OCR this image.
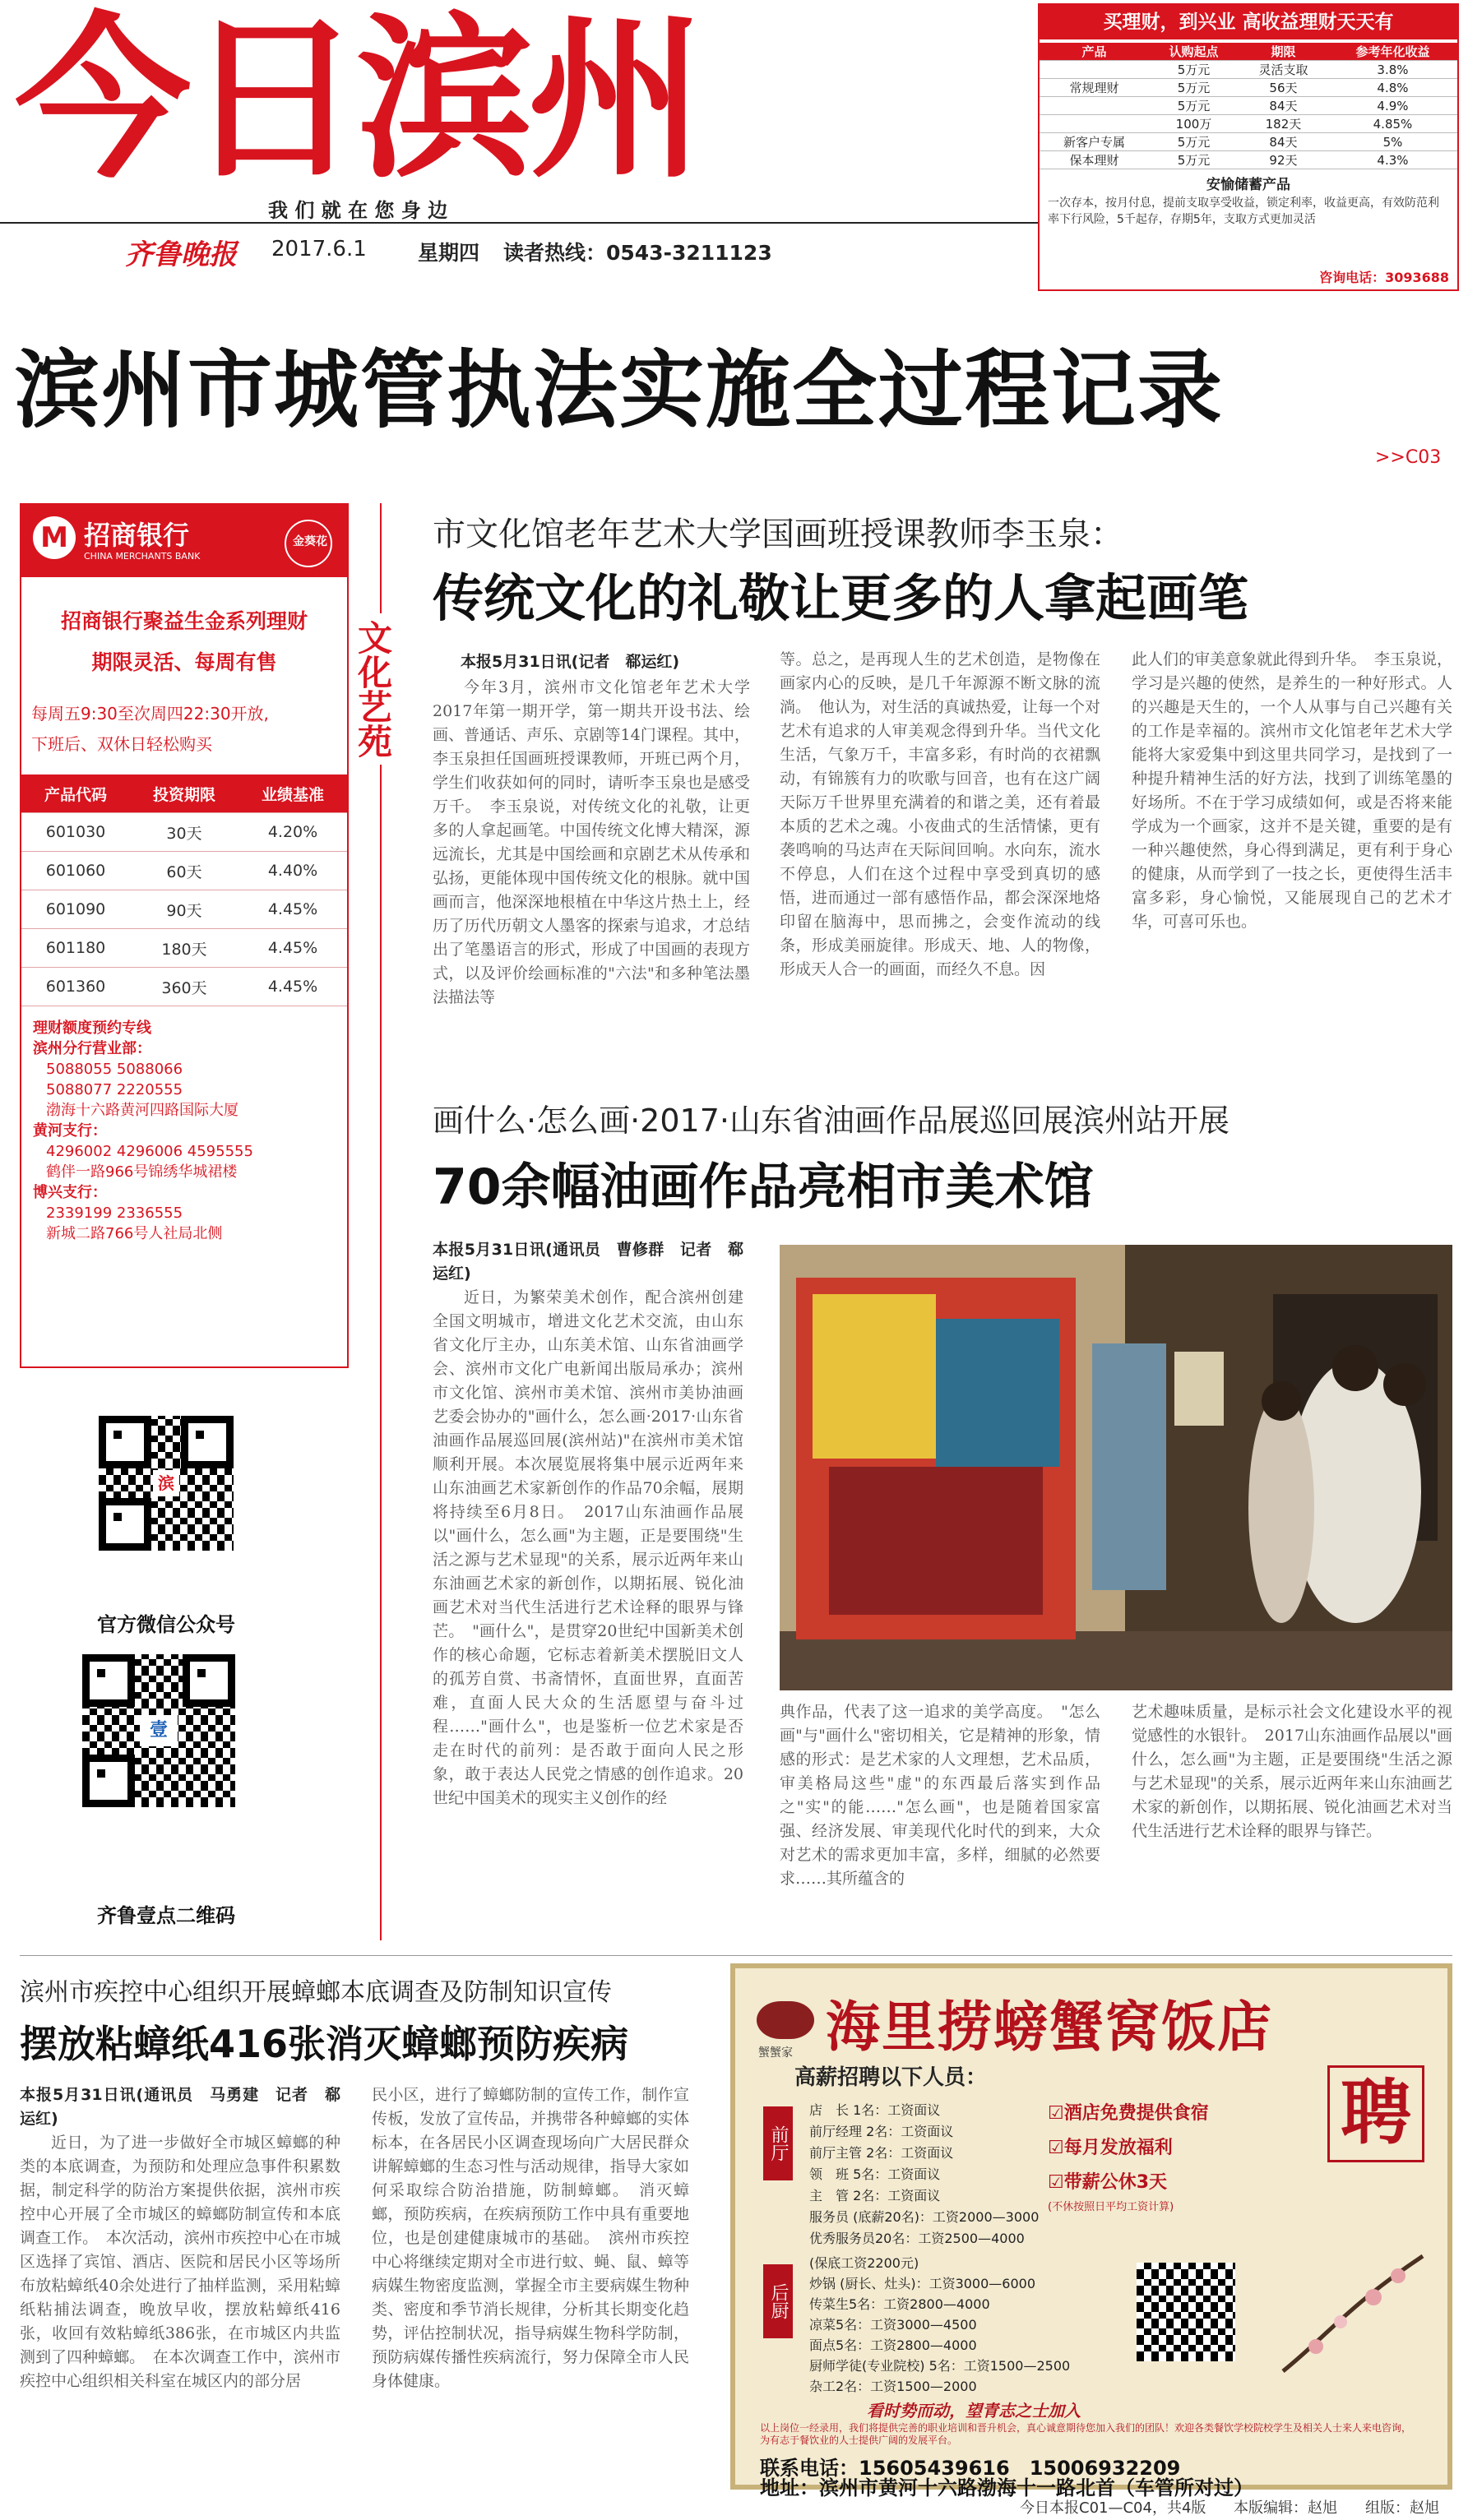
今日滨州
我 们 就 在 您 身 边
齐鲁晚报 2017.6.1 星期四 读者热线：0543-3211123
买理财，到兴业 高收益理财天天有
产品	认购起点	期限	参考年化收益
	5万元	灵活支取	3.8%
常规理财	5万元	56天	4.8%
	5万元	84天	4.9%
	100万	182天	4.85%
新客户专属	5万元	84天	5%
保本理财	5万元	92天	4.3%
安愉储蓄产品
一次存本，按月付息，提前支取享受收益，锁定利率，收益更高，有效防范利率下行风险，5千起存，存期5年，支取方式更加灵活
咨询电话：3093688
滨州市城管执法实施全过程记录
>>C03
M 招商银行
CHINA MERCHANTS BANK
金葵花
招商银行聚益生金系列理财
期限灵活、每周有售
每周五9:30至次周四22:30开放,
下班后、双休日轻松购买
产品代码	投资期限	业绩基准
601030	30天	4.20%
601060	60天	4.40%
601090	90天	4.45%
601180	180天	4.45%
601360	360天	4.45%
理财额度预约专线
滨州分行营业部：
5088055 5088066
5088077 2220555
渤海十六路黄河四路国际大厦
黄河支行：
4296002 4296006 4595555
鹤伴一路966号锦绣华城裙楼
博兴支行：
2339199 2336555
新城二路766号人社局北侧
滨
官方微信公众号
壹
齐鲁壹点二维码
文化艺苑
市文化馆老年艺术大学国画班授课教师李玉泉：
传统文化的礼敬让更多的人拿起画笔
本报5月31日讯(记者　郗运红)

今年3月，滨州市文化馆老年艺术大学2017年第一期开学，第一期共开设书法、绘画、普通话、声乐、京剧等14门课程。其中，李玉泉担任国画班授课教师，开班已两个月，学生们收获如何的同时，请听李玉泉也是感受万千。　李玉泉说，对传统文化的礼敬，让更多的人拿起画笔。中国传统文化博大精深，源远流长，尤其是中国绘画和京剧艺术从传承和弘扬，更能体现中国传统文化的根脉。就中国画而言，他深深地根植在中华这片热土上，经历了历代历朝文人墨客的探索与追求，才总结出了笔墨语言的形式，形成了中国画的表现方式，以及评价绘画标准的"六法"和多种笔法墨法描法等

等。总之，是再现人生的艺术创造，是物像在画家内心的反映，是几千年源源不断文脉的流淌。　他认为，对生活的真诚热爱，让每一个对艺术有追求的人审美观念得到升华。当代文化生活，气象万千，丰富多彩，有时尚的衣裙飘动，有锦簇有力的吹歌与回音，也有在这广阔天际万千世界里充满着的和谐之美，还有着最本质的艺术之魂。小夜曲式的生活情愫，更有袭鸣响的马达声在天际间回响。水向东，流水不停息，人们在这个过程中享受到真切的感悟，进而通过一部有感悟作品，都会深深地烙印留在脑海中，思而拂之，会变作流动的线条，形成美丽旋律。形成天、地、人的物像，形成天人合一的画面，而经久不息。因

此人们的审美意象就此得到升华。　李玉泉说，学习是兴趣的使然，是养生的一种好形式。人的兴趣是天生的，一个人从事与自己兴趣有关的工作是幸福的。滨州市文化馆老年艺术大学能将大家爱集中到这里共同学习，是找到了一种提升精神生活的好方法，找到了训练笔墨的好场所。不在于学习成绩如何，或是否将来能学成为一个画家，这并不是关键，重要的是有一种兴趣使然，身心得到满足，更有利于身心的健康，从而学到了一技之长，更使得生活丰富多彩，身心愉悦，又能展现自己的艺术才华，可喜可乐也。

画什么·怎么画·2017·山东省油画作品展巡回展滨州站开展
70余幅油画作品亮相市美术馆
本报5月31日讯(通讯员　曹修群　记者　郗运红)

近日，为繁荣美术创作，配合滨州创建全国文明城市，增进文化艺术交流，由山东省文化厅主办，山东美术馆、山东省油画学会、滨州市文化广电新闻出版局承办；滨州市文化馆、滨州市美术馆、滨州市美协油画艺委会协办的"画什么，怎么画·2017·山东省油画作品展巡回展(滨州站)"在滨州市美术馆顺利开展。本次展览展将集中展示近两年来山东油画艺术家新创作的作品70余幅，展期将持续至6月8日。　2017山东油画作品展以"画什么，怎么画"为主题，正是要围绕"生活之源与艺术显现"的关系，展示近两年来山东油画艺术家的新创作，以期拓展、锐化油画艺术对当代生活进行艺术诠释的眼界与锋芒。　"画什么"，是贯穿20世纪中国新美术创作的核心命题，它标志着新美术摆脱旧文人的孤芳自赏、书斋情怀，直面世界，直面苦难，直面人民大众的生活愿望与奋斗过程……"画什么"，也是鉴析一位艺术家是否走在时代的前列：是否敢于面向人民之形象，敢于表达人民党之情感的创作追求。20世纪中国美术的现实主义创作的经

典作品，代表了这一追求的美学高度。　"怎么画"与"画什么"密切相关，它是精神的形象，情感的形式：是艺术家的人文理想，艺术品质，审美格局这些"虚"的东西最后落实到作品之"实"的能……"怎么画"，也是随着国家富强、经济发展、审美现代化时代的到来，大众对艺术的需求更加丰富，多样，细腻的必然要求……其所蕴含的

艺术趣味质量，是标示社会文化建设水平的视觉感性的水银针。　2017山东油画作品展以"画什么，怎么画"为主题，正是要围绕"生活之源与艺术显现"的关系，展示近两年来山东油画艺术家的新创作，以期拓展、锐化油画艺术对当代生活进行艺术诠释的眼界与锋芒。

滨州市疾控中心组织开展蟑螂本底调查及防制知识宣传
摆放粘蟑纸416张消灭蟑螂预防疾病
本报5月31日讯(通讯员　马勇建　记者　郗运红)

近日，为了进一步做好全市城区蟑螂的种类的本底调查，为预防和处理应急事件积累数据，制定科学的防治方案提供依据，滨州市疾控中心开展了全市城区的蟑螂防制宣传和本底调查工作。　本次活动，滨州市疾控中心在市城区选择了宾馆、酒店、医院和居民小区等场所布放粘蟑纸40余处进行了抽样监测，采用粘蟑纸粘捕法调查，晚放早收，摆放粘蟑纸416张，收回有效粘蟑纸386张，在市城区内共监测到了四种蟑螂。　在本次调查工作中，滨州市疾控中心组织相关科室在城区内的部分居

民小区，进行了蟑螂防制的宣传工作，制作宣传板，发放了宣传品，并携带各种蟑螂的实体标本，在各居民小区调查现场向广大居民群众讲解蟑螂的生态习性与活动规律，指导大家如何采取综合防治措施，防制蟑螂。　消灭蟑螂，预防疾病，在疾病预防工作中具有重要地位，也是创建健康城市的基础。　滨州市疾控中心将继续定期对全市进行蚊、蝇、鼠、蟑等病媒生物密度监测，掌握全市主要病媒生物种类、密度和季节消长规律，分析其长期变化趋势，评估控制状况，指导病媒生物科学防制，预防病媒传播性疾病流行，努力保障全市人民身体健康。

蟹蟹家 海里捞螃蟹窝饭店
聘
高薪招聘以下人员：
前厅
店　长 1名：工资面议
前厅经理 2名：工资面议
前厅主管 2名：工资面议
领　班 5名：工资面议
主　管 2名：工资面议
服务员 (底薪20名)：工资2000—3000
优秀服务员20名：工资2500—4000
☑酒店免费提供食宿
☑每月发放福利
☑带薪公休3天
(不休按照日平均工资计算)
后厨
(保底工资2200元)
炒锅 (厨长、灶头)：工资3000—6000
传菜生5名：工资2800—4000
凉菜5名：工资3000—4500
面点5名：工资2800—4000
厨师学徒(专业院校) 5名：工资1500—2500
杂工2名：工资1500—2000
看时势而动，望青志之士加入
以上岗位一经录用，我们将提供完善的职业培训和晋升机会，真心诚意期待您加入我们的团队！欢迎各类餐饮学校院校学生及相关人士来人来电咨询，为有志于餐饮业的人士提供广阔的发展平台。
联系电话：15605439616　15006932209
地址：滨州市黄河十六路渤海十一路北首（车管所对过）
今日本报C01—C04，共4版 本版编辑：赵旭 组版：赵旭
